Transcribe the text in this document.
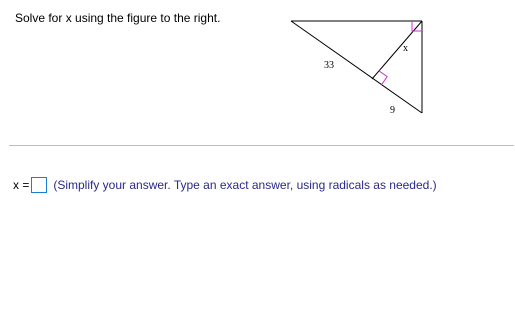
Solve for x using the figure to the right.
33
x
9
x = (Simplify your answer. Type an exact answer, using radicals as needed.)
